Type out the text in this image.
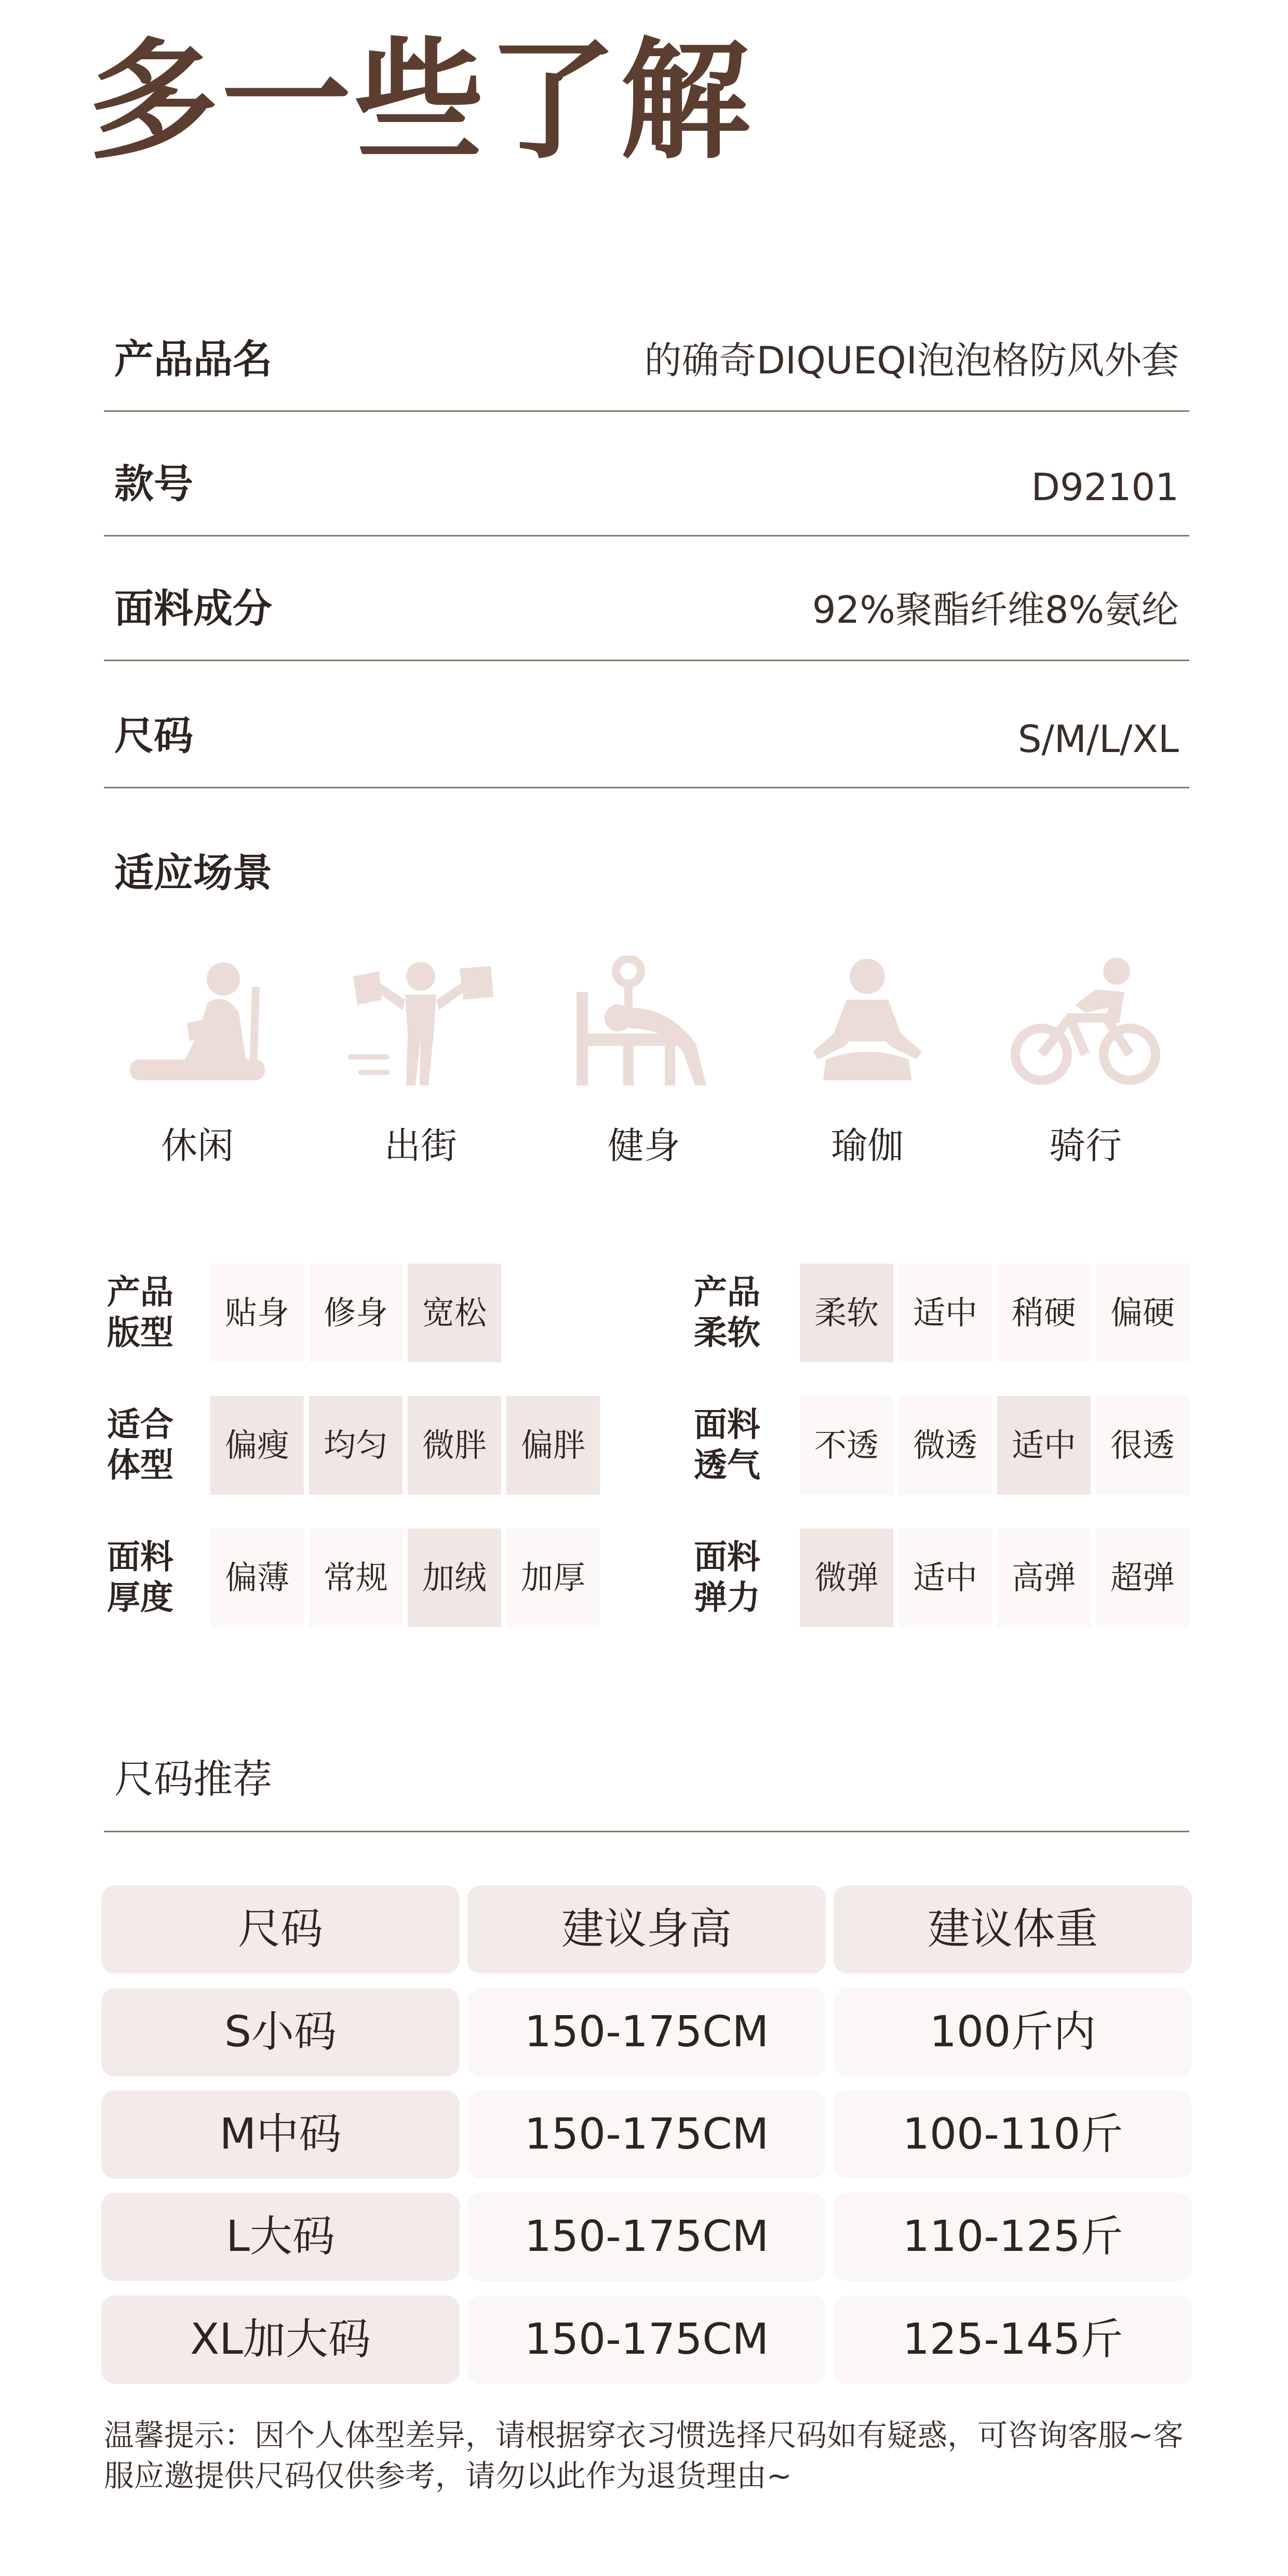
多一些了解
产品品名	的确奇DIQUEQI泡泡格防风外套
款号	D92101
面料成分	92%聚酯纤维8%氨纶
尺码	S/M/L/XL
适应场景
休闲	出街	健身	瑜伽	骑行
产品
版型
贴身	修身	宽松
适合
体型
偏瘦	均匀	微胖	偏胖
面料
厚度
偏薄	常规	加绒	加厚
产品
柔软
柔软	适中	稍硬	偏硬
面料
透气
不透	微透	适中	很透
面料
弹力
微弹	适中	高弹	超弹
尺码推荐
尺码	建议身高	建议体重
S小码	150-175CM	100斤内
M中码	150-175CM	100-110斤
L大码	150-175CM	110-125斤
XL加大码	150-175CM	125-145斤
温馨提示：因个人体型差异，请根据穿衣习惯选择尺码如有疑惑，可咨询客服~客服应邀提供尺码仅供参考，请勿以此作为退货理由~
